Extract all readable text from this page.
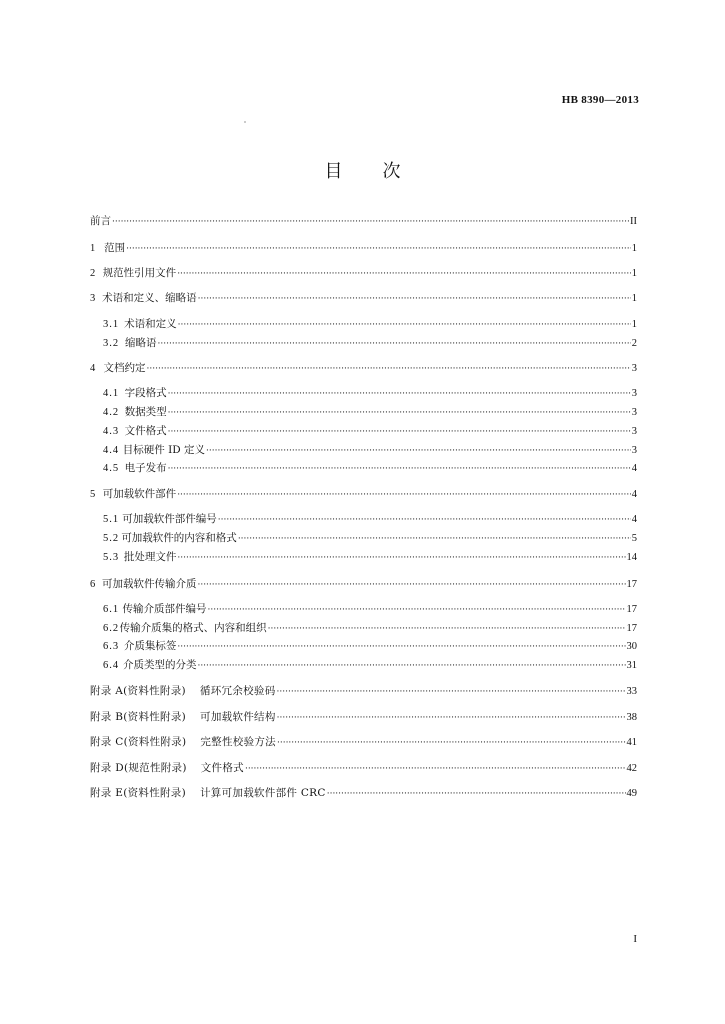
HB 8390—2013
目次
前言 ·····	II
1 范围 ·····	1
2 规范性引用文件 ·····	1
3 术语和定义、缩略语 ·····	1
3.1 术语和定义 ·····	1
3.2 缩略语 ·····	2
4 文档约定 ·····	3
4.1 字段格式 ·····	3
4.2 数据类型 ·····	3
4.3 文件格式 ·····	3
4.4 目标硬件 ID 定义 ·····	3
4.5 电子发布 ·····	4
5 可加载软件部件 ·····	4
5.1 可加载软件部件编号 ·····	4
5.2 可加载软件的内容和格式 ·····	5
5.3 批处理文件 ·····	14
6 可加载软件传输介质 ·····	17
6.1 传输介质部件编号 ·····	17
6.2 传输介质集的格式、内容和组织 ·····	17
6.3 介质集标签 ·····	30
6.4 介质类型的分类 ·····	31
附录 A(资料性附录) 循环冗余校验码 ·····	33
附录 B(资料性附录) 可加载软件结构 ·····	38
附录 C(资料性附录) 完整性校验方法 ·····	41
附录 D(规范性附录) 文件格式 ·····	42
附录 E(资料性附录) 计算可加载软件部件 CRC ·····	49
I
